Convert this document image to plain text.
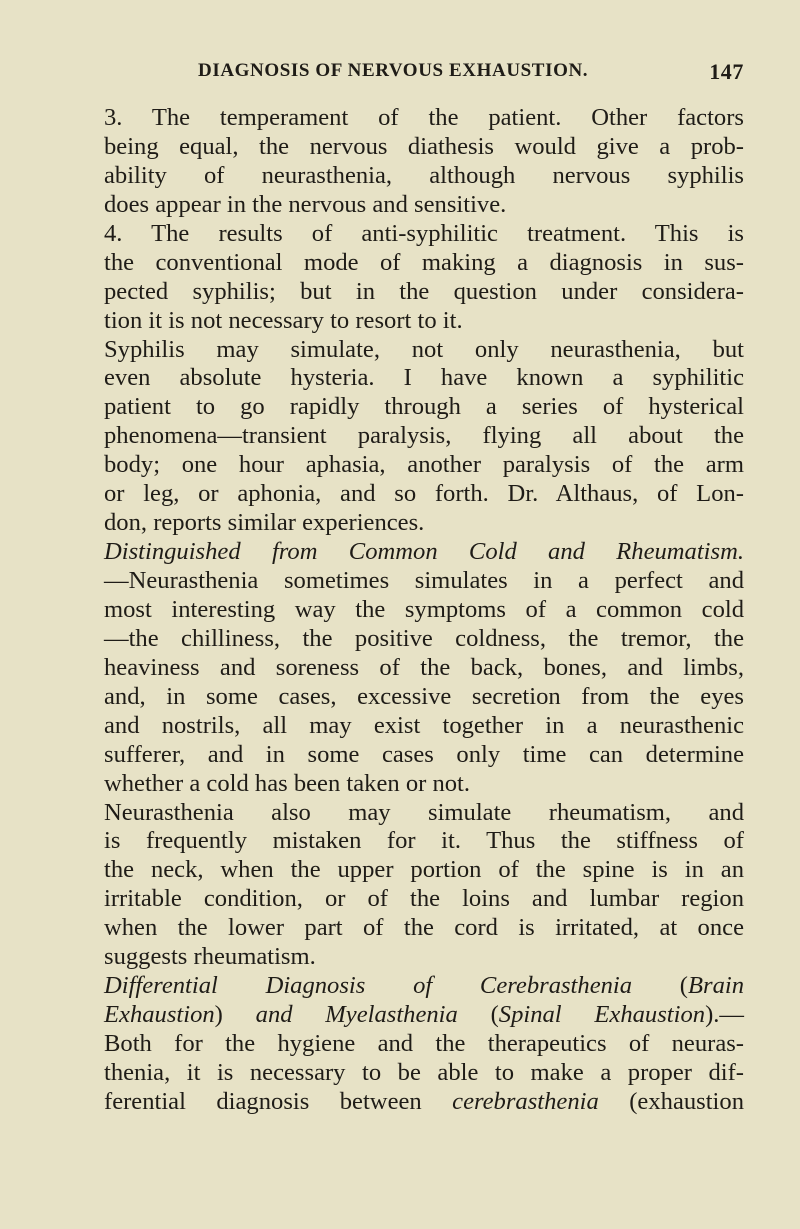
DIAGNOSIS OF NERVOUS EXHAUSTION.	147
3. The temperament of the patient. Other factors
being equal, the nervous diathesis would give a prob-
ability of neurasthenia, although nervous syphilis
does appear in the nervous and sensitive.
4. The results of anti-syphilitic treatment. This is
the conventional mode of making a diagnosis in sus-
pected syphilis; but in the question under considera-
tion it is not necessary to resort to it.
Syphilis may simulate, not only neurasthenia, but
even absolute hysteria. I have known a syphilitic
patient to go rapidly through a series of hysterical
phenomena—transient paralysis, flying all about the
body; one hour aphasia, another paralysis of the arm
or leg, or aphonia, and so forth. Dr. Althaus, of Lon-
don, reports similar experiences.
Distinguished from Common Cold and Rheumatism.
—Neurasthenia sometimes simulates in a perfect and
most interesting way the symptoms of a common cold
—the chilliness, the positive coldness, the tremor, the
heaviness and soreness of the back, bones, and limbs,
and, in some cases, excessive secretion from the eyes
and nostrils, all may exist together in a neurasthenic
sufferer, and in some cases only time can determine
whether a cold has been taken or not.
Neurasthenia also may simulate rheumatism, and
is frequently mistaken for it. Thus the stiffness of
the neck, when the upper portion of the spine is in an
irritable condition, or of the loins and lumbar region
when the lower part of the cord is irritated, at once
suggests rheumatism.
Differential Diagnosis of Cerebrasthenia (Brain
Exhaustion) and Myelasthenia (Spinal Exhaustion).—
Both for the hygiene and the therapeutics of neuras-
thenia, it is necessary to be able to make a proper dif-
ferential diagnosis between cerebrasthenia (exhaustion
